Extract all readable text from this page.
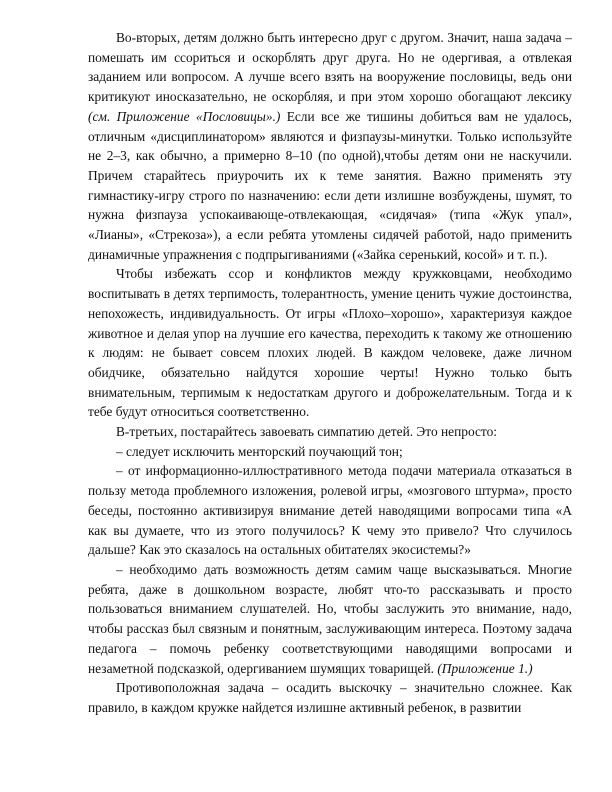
Во-вторых, детям должно быть интересно друг с другом. Значит, наша задача – помешать им ссориться и оскорблять друг друга. Но не одергивая, а отвлекая заданием или вопросом. А лучше всего взять на вооружение пословицы, ведь они критикуют иносказательно, не оскорбляя, и при этом хорошо обогащают лексику (см. Приложение «Пословицы».) Если все же тишины добиться вам не удалось, отличным «дисциплинатором» являются и физпаузы-минутки. Только используйте не 2–3, как обычно, а примерно 8–10 (по одной),чтобы детям они не наскучили. Причем старайтесь приурочить их к теме занятия. Важно применять эту гимнастику-игру строго по назначению: если дети излишне возбуждены, шумят, то нужна физпауза успокаивающе-отвлекающая, «сидячая» (типа «Жук упал», «Лианы», «Стрекоза»), а если ребята утомлены сидячей работой, надо применить динамичные упражнения с подпрыгиваниями («Зайка серенький, косой» и т. п.).

Чтобы избежать ссор и конфликтов между кружковцами, необходимо воспитывать в детях терпимость, толерантность, умение ценить чужие достоинства, непохожесть, индивидуальность. От игры «Плохо–хорошо», характеризуя каждое животное и делая упор на лучшие его качества, переходить к такому же отношению к людям: не бывает совсем плохих людей. В каждом человеке, даже личном обидчике, обязательно найдутся хорошие черты! Нужно только быть внимательным, терпимым к недостаткам другого и доброжелательным. Тогда и к тебе будут относиться соответственно.

В-третьих, постарайтесь завоевать симпатию детей. Это непросто:

– следует исключить менторский поучающий тон;

– от информационно-иллюстративного метода подачи материала отказаться в пользу метода проблемного изложения, ролевой игры, «мозгового штурма», просто беседы, постоянно активизируя внимание детей наводящими вопросами типа «А как вы думаете, что из этого получилось? К чему это привело? Что случилось дальше? Как это сказалось на остальных обитателях экосистемы?»

– необходимо дать возможность детям самим чаще высказываться. Многие ребята, даже в дошкольном возрасте, любят что-то рассказывать и просто пользоваться вниманием слушателей. Но, чтобы заслужить это внимание, надо, чтобы рассказ был связным и понятным, заслуживающим интереса. Поэтому задача педагога – помочь ребенку соответствующими наводящими вопросами и незаметной подсказкой, одергиванием шумящих товарищей. (Приложение 1.)

Противоположная задача – осадить выскочку – значительно сложнее. Как правило, в каждом кружке найдется излишне активный ребенок, в развитии
